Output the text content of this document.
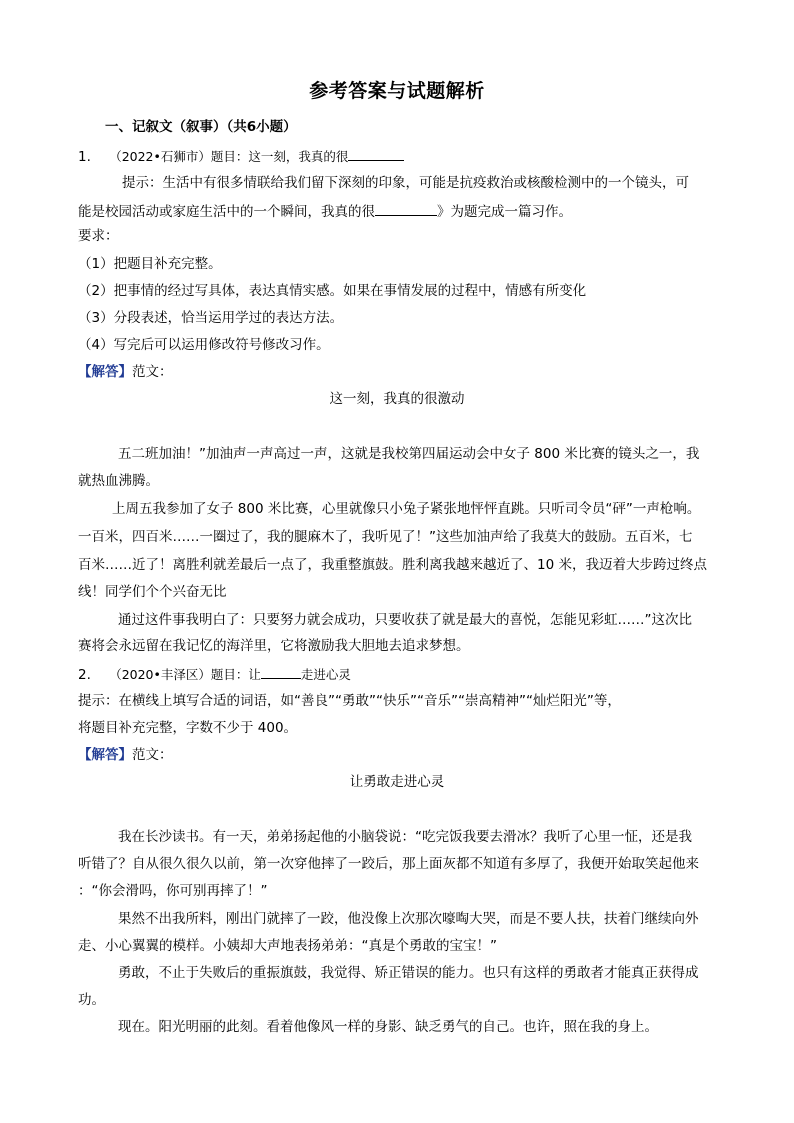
参考答案与试题解析
一、记叙文（叙事）（共6小题）
1. （2022•石狮市）题目：这一刻，我真的很
提示：生活中有很多情联给我们留下深刻的印象，可能是抗疫救治或核酸检测中的一个镜头，可
能是校园活动或家庭生活中的一个瞬间，我真的很	》为题完成一篇习作。
要求：
（1）把题目补充完整。
（2）把事情的经过写具体，表达真情实感。如果在事情发展的过程中，情感有所变化
（3）分段表述，恰当运用学过的表达方法。
（4）写完后可以运用修改符号修改习作。
【解答】范文：
这一刻，我真的很激动
五二班加油！”加油声一声高过一声，这就是我校第四届运动会中女子 800 米比赛的镜头之一，我
就热血沸腾。
上周五我参加了女子 800 米比赛，心里就像只小兔子紧张地怦怦直跳。只听司令员“砰”一声枪响。
一百米，四百米……一圈过了，我的腿麻木了，我听见了！”这些加油声给了我莫大的鼓励。五百米，七
百米……近了！离胜利就差最后一点了，我重整旗鼓。胜利离我越来越近了、10 米，我迈着大步跨过终点
线！同学们个个兴奋无比
通过这件事我明白了：只要努力就会成功，只要收获了就是最大的喜悦，怎能见彩虹……”这次比
赛将会永远留在我记忆的海洋里，它将激励我大胆地去追求梦想。
2. （2020•丰泽区）题目：让	走进心灵
提示：在横线上填写合适的词语，如“善良”“勇敢”“快乐”“音乐”“崇高精神”“灿烂阳光”等，
将题目补充完整，字数不少于 400。
【解答】范文：
让勇敢走进心灵
我在长沙读书。有一天，弟弟扬起他的小脑袋说：“吃完饭我要去滑冰？我听了心里一怔，还是我
听错了？自从很久很久以前，第一次穿他摔了一跤后，那上面灰都不知道有多厚了，我便开始取笑起他来
：“你会滑吗，你可别再摔了！”
果然不出我所料，刚出门就摔了一跤，他没像上次那次嚎啕大哭，而是不要人扶，扶着门继续向外
走、小心翼翼的模样。小姨却大声地表扬弟弟：“真是个勇敢的宝宝！”
勇敢，不止于失败后的重振旗鼓，我觉得、矫正错误的能力。也只有这样的勇敢者才能真正获得成
功。
现在。阳光明丽的此刻。看着他像风一样的身影、缺乏勇气的自己。也许，照在我的身上。
